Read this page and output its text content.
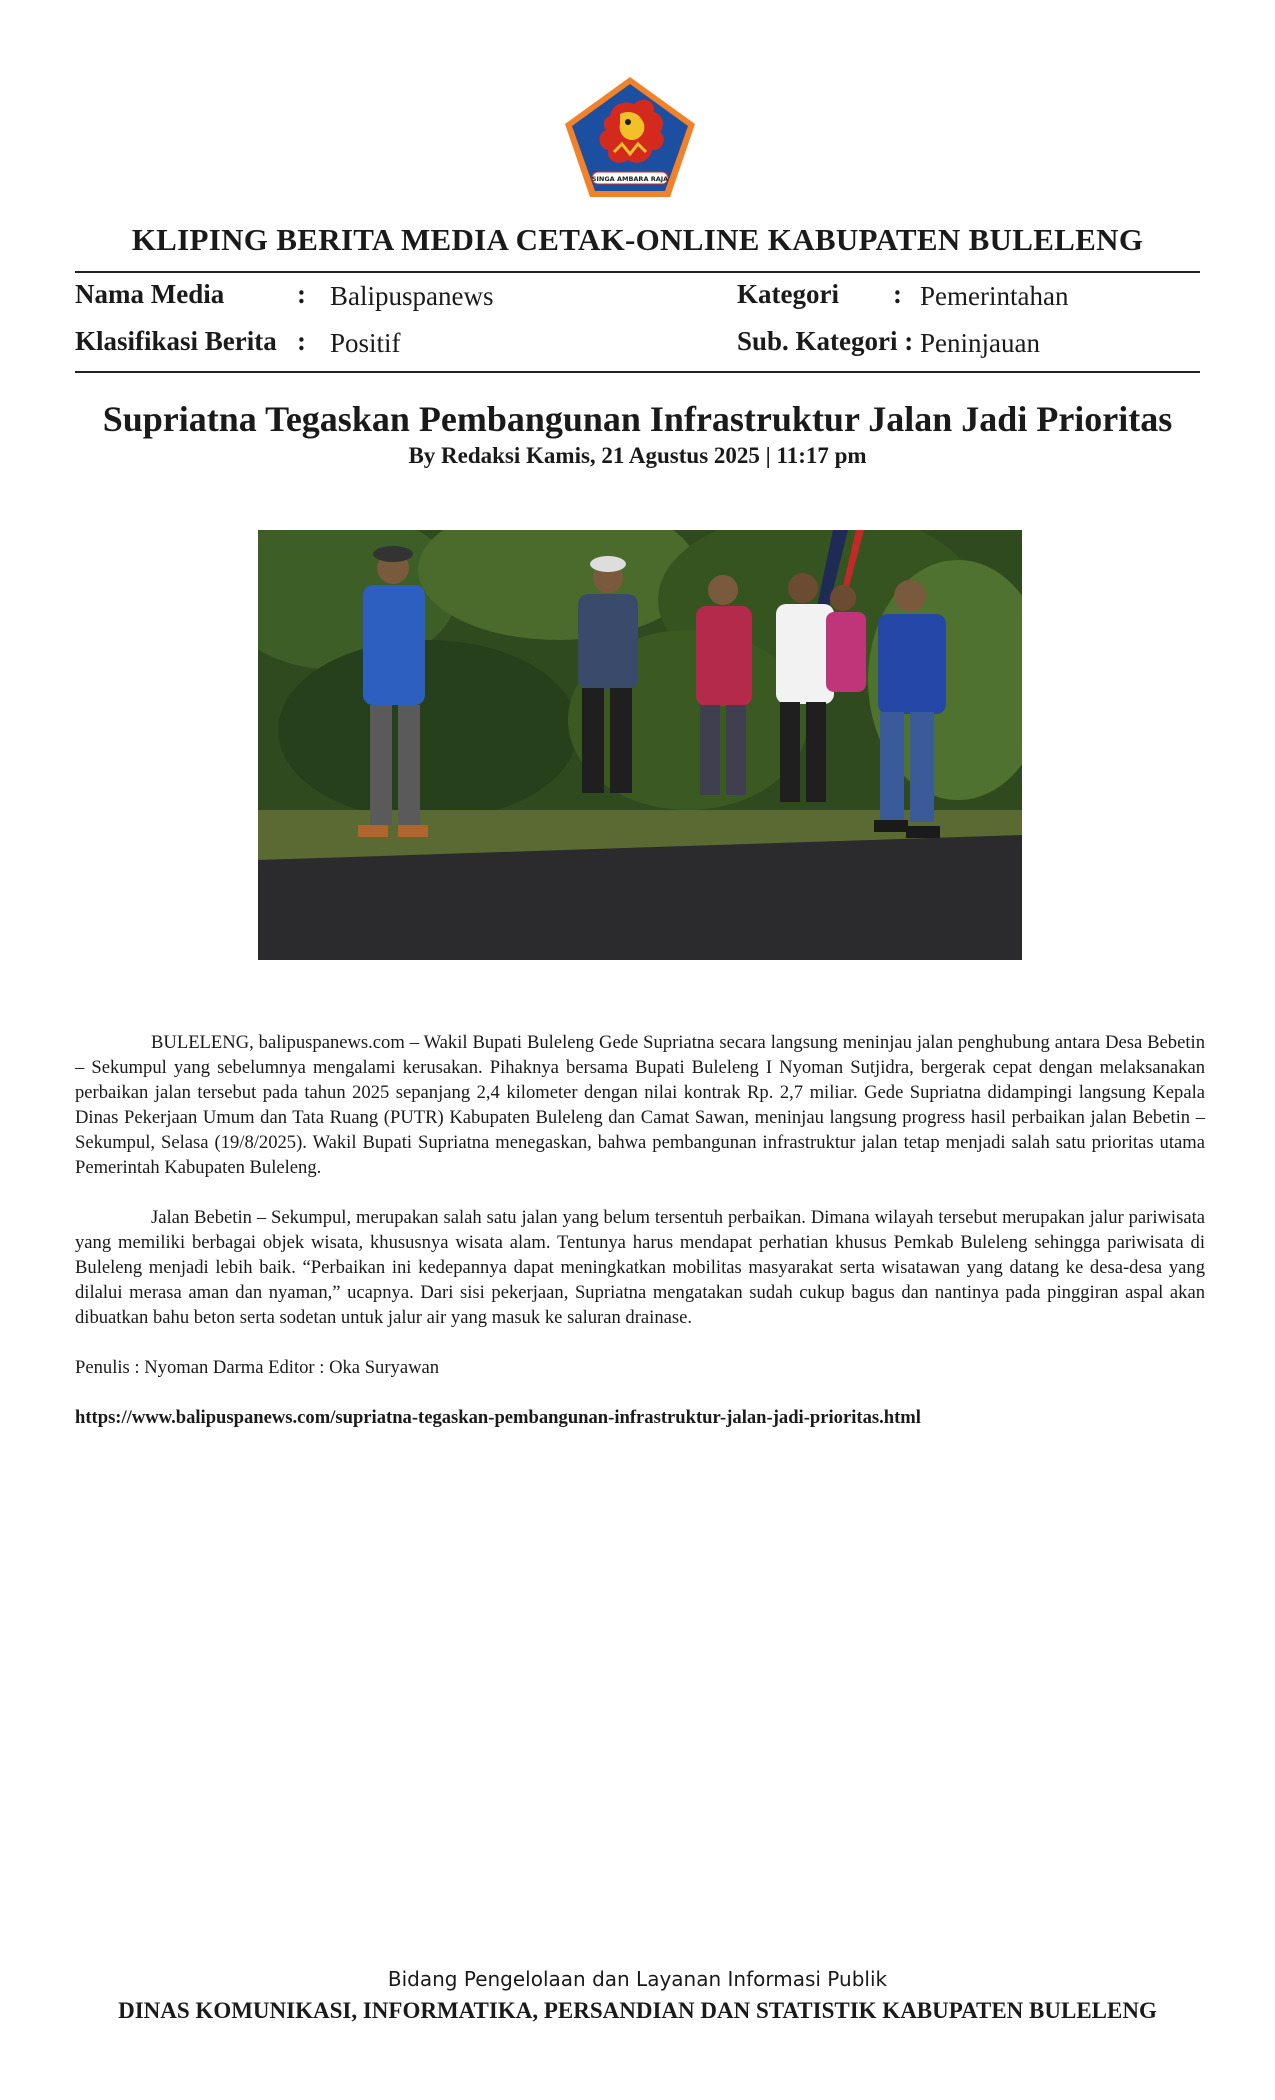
SINGA AMBARA RAJA
KLIPING BERITA MEDIA CETAK-ONLINE KABUPATEN BULELENG
Nama Media	: Balipuspanews
Klasifikasi Berita : Positif
Kategori : Pemerintahan
Sub. Kategori : Peninjauan
Supriatna Tegaskan Pembangunan Infrastruktur Jalan Jadi Prioritas
By Redaksi Kamis, 21 Agustus 2025 | 11:17 pm

BULELENG, balipuspanews.com – Wakil Bupati Buleleng Gede Supriatna secara langsung meninjau jalan penghubung antara Desa Bebetin – Sekumpul yang sebelumnya mengalami kerusakan. Pihaknya bersama Bupati Buleleng I Nyoman Sutjidra, bergerak cepat dengan melaksanakan perbaikan jalan tersebut pada tahun 2025 sepanjang 2,4 kilometer dengan nilai kontrak Rp. 2,7 miliar. Gede Supriatna didampingi langsung Kepala Dinas Pekerjaan Umum dan Tata Ruang (PUTR) Kabupaten Buleleng dan Camat Sawan, meninjau langsung progress hasil perbaikan jalan Bebetin – Sekumpul, Selasa (19/8/2025). Wakil Bupati Supriatna menegaskan, bahwa pembangunan infrastruktur jalan tetap menjadi salah satu prioritas utama Pemerintah Kabupaten Buleleng.

Jalan Bebetin – Sekumpul, merupakan salah satu jalan yang belum tersentuh perbaikan. Dimana wilayah tersebut merupakan jalur pariwisata yang memiliki berbagai objek wisata, khususnya wisata alam. Tentunya harus mendapat perhatian khusus Pemkab Buleleng sehingga pariwisata di Buleleng menjadi lebih baik. “Perbaikan ini kedepannya dapat meningkatkan mobilitas masyarakat serta wisatawan yang datang ke desa-desa yang dilalui merasa aman dan nyaman,” ucapnya. Dari sisi pekerjaan, Supriatna mengatakan sudah cukup bagus dan nantinya pada pinggiran aspal akan dibuatkan bahu beton serta sodetan untuk jalur air yang masuk ke saluran drainase.

Penulis : Nyoman Darma Editor : Oka Suryawan

https://www.balipuspanews.com/supriatna-tegaskan-pembangunan-infrastruktur-jalan-jadi-prioritas.html

Bidang Pengelolaan dan Layanan Informasi Publik
DINAS KOMUNIKASI, INFORMATIKA, PERSANDIAN DAN STATISTIK KABUPATEN BULELENG
